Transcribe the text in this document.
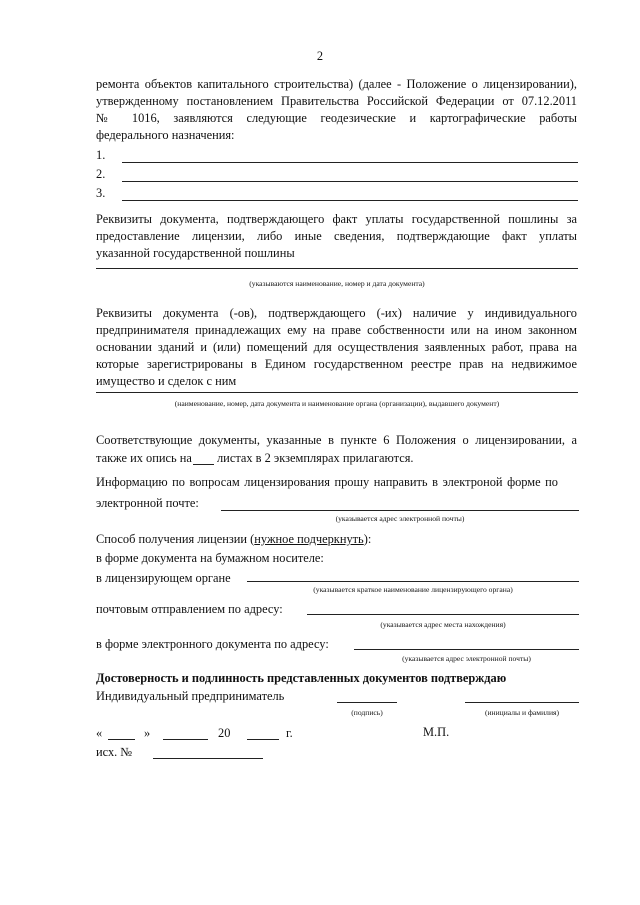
2
ремонта объектов капитального строительства) (далее - Положение о лицензировании),
утвержденному постановлением Правительства Российской Федерации от 07.12.2011
№ 1016, заявляются следующие геодезические и картографические работы
федерального назначения:
1.
2.
3.
Реквизиты документа, подтверждающего факт уплаты государственной пошлины за
предоставление лицензии, либо иные сведения, подтверждающие факт уплаты
указанной государственной пошлины
(указываются наименование, номер и дата документа)
Реквизиты документа (-ов), подтверждающего (-их) наличие у индивидуального
предпринимателя принадлежащих ему на праве собственности или на ином законном
основании зданий и (или) помещений для осуществления заявленных работ, права на
которые зарегистрированы в Едином государственном реестре прав на недвижимое
имущество и сделок с ним
(наименование, номер, дата документа и наименование органа (организации), выдавшего документ)
Соответствующие документы, указанные в пункте 6 Положения о лицензировании, а
также их опись на листах в 2 экземплярах прилагаются.
Информацию по вопросам лицензирования прошу направить в электроной форме по
электронной почте:
(указывается адрес электронной почты)
Способ получения лицензии (нужное подчеркнуть):
в форме документа на бумажном носителе:
в лицензирующем органе
(указывается краткое наименование лицензирующего органа)
почтовым отправлением по адресу:
(указывается адрес места нахождения)
в форме электронного документа по адресу:
(указывается адрес электронной почты)
Достоверность и подлинность представленных документов подтверждаю
Индивидуальный предприниматель
(подпись)	(инициалы и фамилия)
«	»	20	г.	М.П.
исх. №
